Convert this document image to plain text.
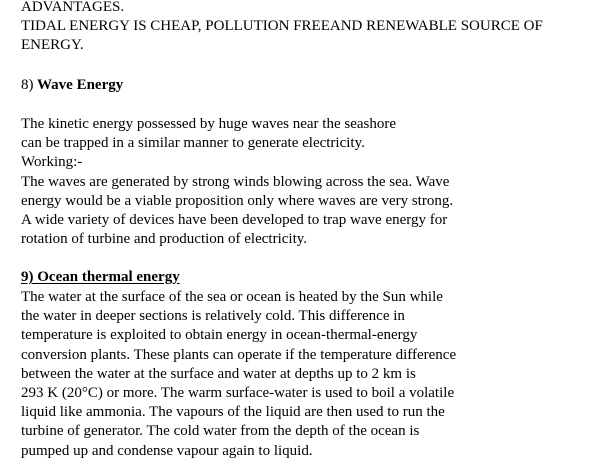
ADVANTAGES.

TIDAL ENERGY IS CHEAP, POLLUTION FREEAND RENEWABLE SOURCE OF

ENERGY.

8) Wave Energy

The kinetic energy possessed by huge waves near the seashore

can be trapped in a similar manner to generate electricity.

Working:-

The waves are generated by strong winds blowing across the sea. Wave

energy would be a viable proposition only where waves are very strong.

A wide variety of devices have been developed to trap wave energy for

rotation of turbine and production of electricity.

9) Ocean thermal energy

The water at the surface of the sea or ocean is heated by the Sun while

the water in deeper sections is relatively cold. This difference in

temperature is exploited to obtain energy in ocean-thermal-energy

conversion plants. These plants can operate if the temperature difference

between the water at the surface and water at depths up to 2 km is

293 K (20°C) or more. The warm surface-water is used to boil a volatile

liquid like ammonia. The vapours of the liquid are then used to run the

turbine of generator. The cold water from the depth of the ocean is

pumped up and condense vapour again to liquid.
